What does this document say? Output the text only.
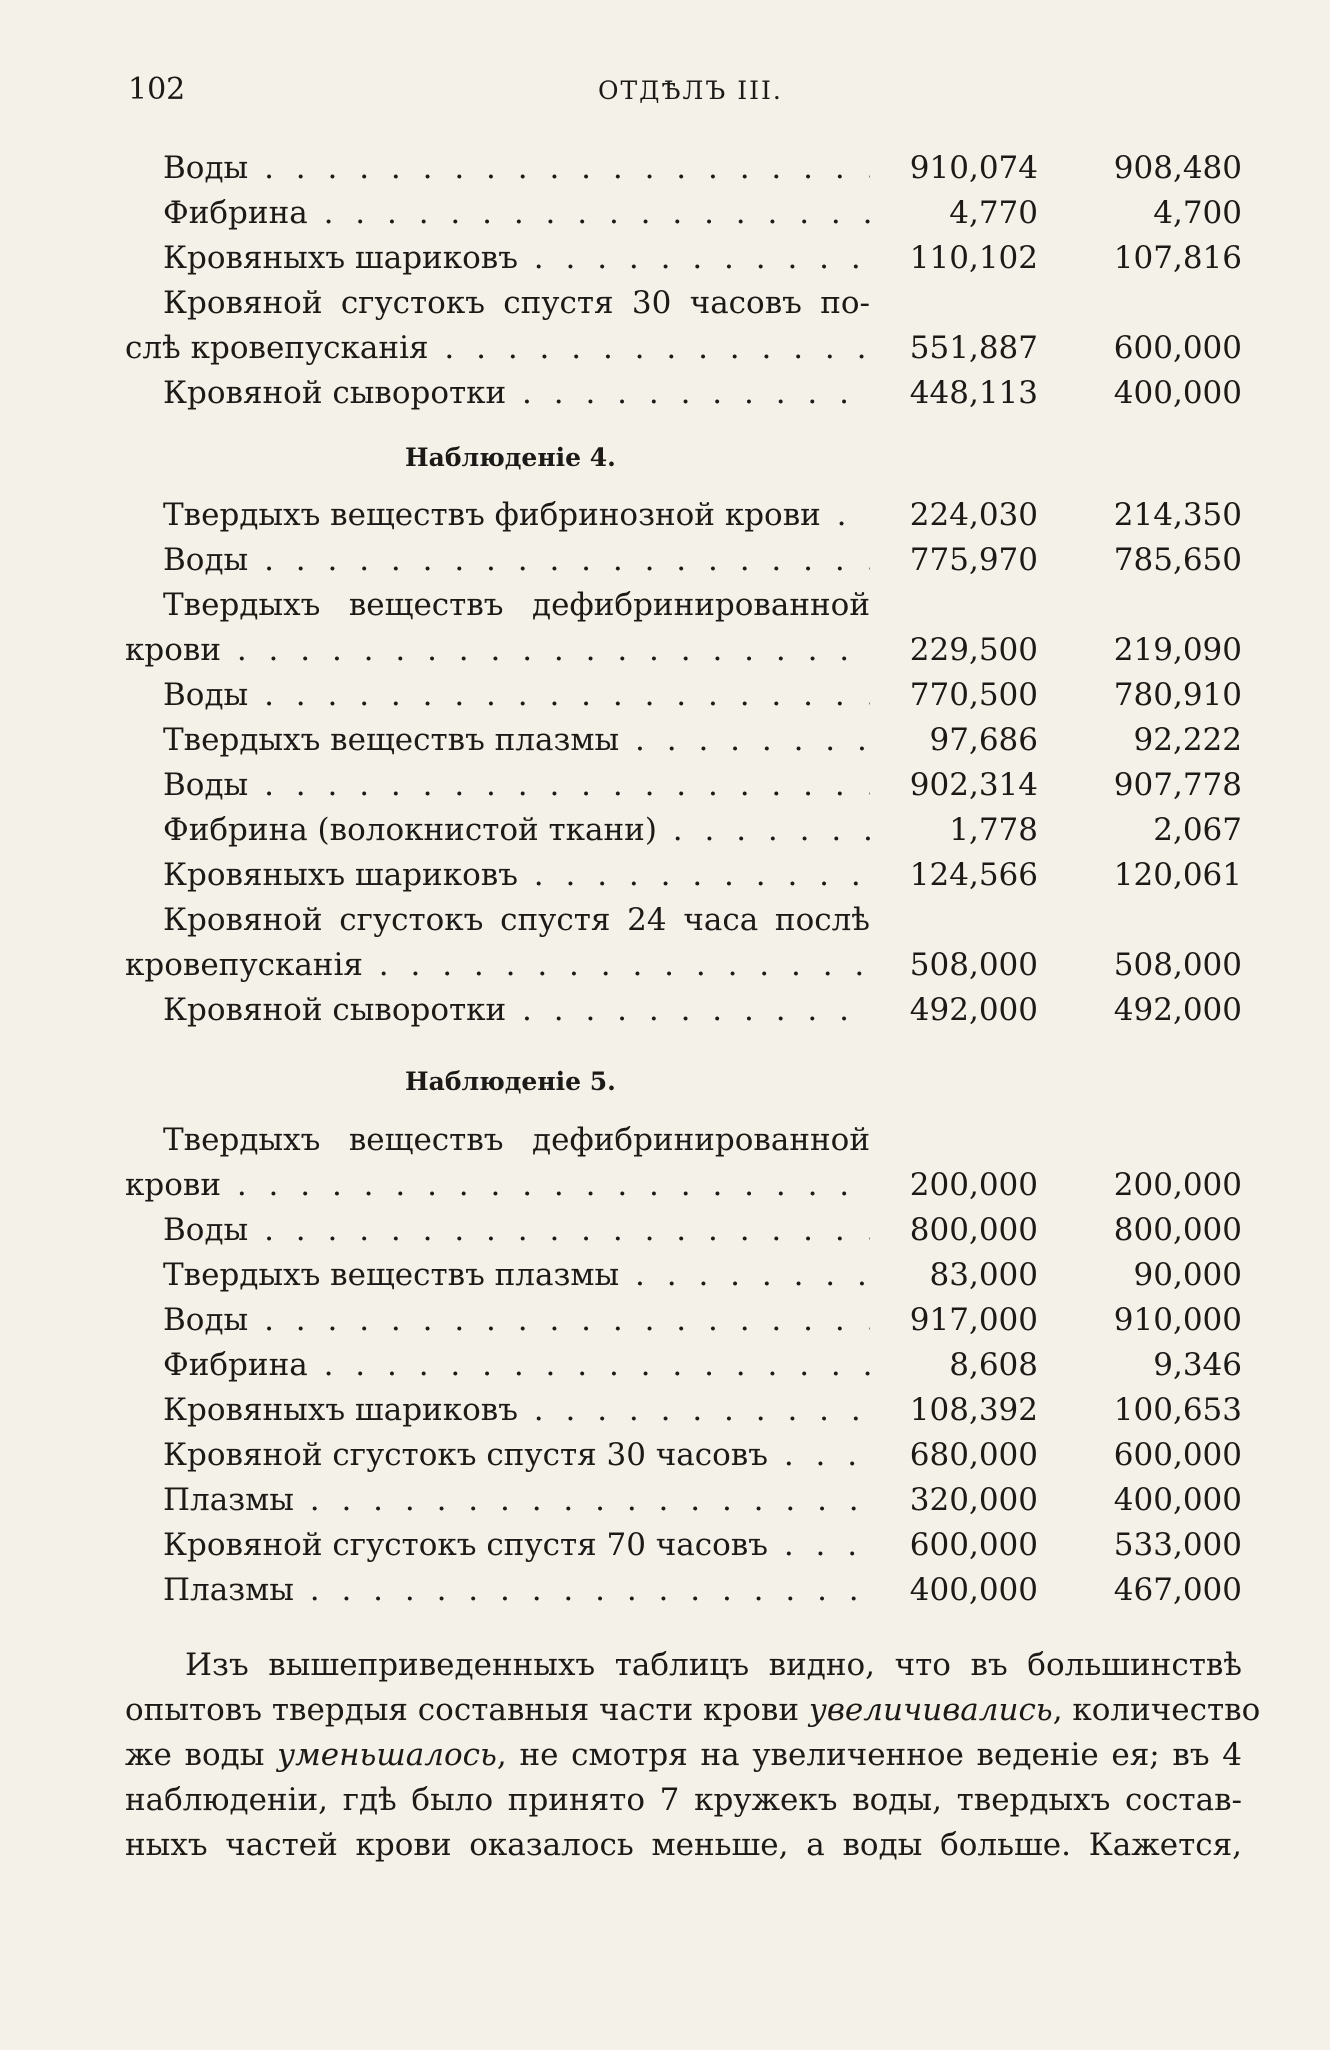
102	ОТДѢЛЪ III.
Воды . . .	910,074 908,480
Фибрина . . .	4,770	4,700
Кровяныхъ шариковъ . . .	110,102 107,816
Кровяной сгустокъ спустя 30 часовъ по-
слѣ кровепусканія . . .	551,887 600,000
Кровяной сыворотки . . .	448,113 400,000
Наблюденіе 4.
Твердыхъ веществъ фибринозной крови . . .	224,030 214,350
Воды . . .	775,970 785,650
Твердыхъ веществъ дефибринированной
крови . . .	229,500 219,090
Воды . . .	770,500 780,910
Твердыхъ веществъ плазмы . . .	97,686	92,222
Воды . . .	902,314 907,778
Фибрина (волокнистой ткани) . . .	1,778	2,067
Кровяныхъ шариковъ . . .	124,566 120,061
Кровяной сгустокъ спустя 24 часа послѣ
кровепусканія . . .	508,000 508,000
Кровяной сыворотки . . .	492,000 492,000
Наблюденіе 5.
Твердыхъ веществъ дефибринированной
крови . . .	200,000 200,000
Воды . . .	800,000 800,000
Твердыхъ веществъ плазмы . . .	83,000	90,000
Воды . . .	917,000 910,000
Фибрина . . .	8,608	9,346
Кровяныхъ шариковъ . . .	108,392 100,653
Кровяной сгустокъ спустя 30 часовъ . . .	680,000 600,000
Плазмы . . .	320,000 400,000
Кровяной сгустокъ спустя 70 часовъ . . .	600,000 533,000
Плазмы . . .	400,000 467,000
Изъ вышеприведенныхъ таблицъ видно, что въ большинствѣ
опытовъ твердыя составныя части крови увеличивались, количество
же воды уменьшалось, не смотря на увеличенное веденіе ея; въ 4
наблюденіи, гдѣ было принято 7 кружекъ воды, твердыхъ состав-
ныхъ частей крови оказалось меньше, а воды больше. Кажется,
